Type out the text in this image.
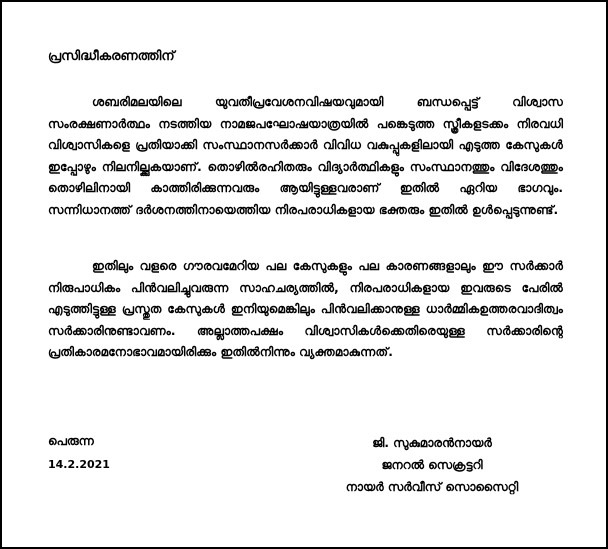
പ്രസിദ്ധീകരണത്തിന്

ശബരിമലയിലെ യുവതീപ്രവേശനവിഷയവുമായി ബന്ധപ്പെട്ട് വിശ്വാസ സംരക്ഷണാർത്ഥം നടത്തിയ നാമജപഘോഷയാത്രയിൽ പങ്കെടുത്ത സ്ത്രീകളടക്കം നിരവധി വിശ്വാസികളെ പ്രതിയാക്കി സംസ്ഥാനസർക്കാർ വിവിധ വകുപ്പുകളിലായി എടുത്ത കേസുകൾ ഇപ്പോഴും നിലനില്ക്കുകയാണ്. തൊഴിൽരഹിതരും വിദ്യാർത്ഥികളും സംസ്ഥാനത്തും വിദേശത്തും തൊഴിലിനായി കാത്തിരിക്കുന്നവരും ആയിട്ടുള്ളവരാണ് ഇതിൽ ഏറിയ ഭാഗവും. സന്നിധാനത്ത് ദർശനത്തിനായെത്തിയ നിരപരാധികളായ ഭക്തരും ഇതിൽ ഉൾപ്പെടുന്നുണ്ട്.

ഇതിലും വളരെ ഗൗരവമേറിയ പല കേസുകളും പല കാരണങ്ങളാലും ഈ സർക്കാർ നിരുപാധികം പിൻവലിച്ചുവരുന്ന സാഹചര്യത്തിൽ, നിരപരാധികളായ ഇവരുടെ പേരിൽ എടുത്തിട്ടുള്ള പ്രസ്തുത കേസുകൾ ഇനിയുമെങ്കിലും പിൻവലിക്കാനുള്ള ധാർമ്മികഉത്തരവാദിത്വം സർക്കാരിനുണ്ടാവണം. അല്ലാത്തപക്ഷം വിശ്വാസികൾക്കെതിരെയുള്ള സർക്കാരിന്റെ പ്രതികാരമനോഭാവമായിരിക്കും ഇതിൽനിന്നും വ്യക്തമാകുന്നത്.

പെരുന്ന
14.2.2021
ജി. സുകുമാരൻനായർ
ജനറൽ സെക്രട്ടറി
നായർ സർവീസ് സൊസൈറ്റി
